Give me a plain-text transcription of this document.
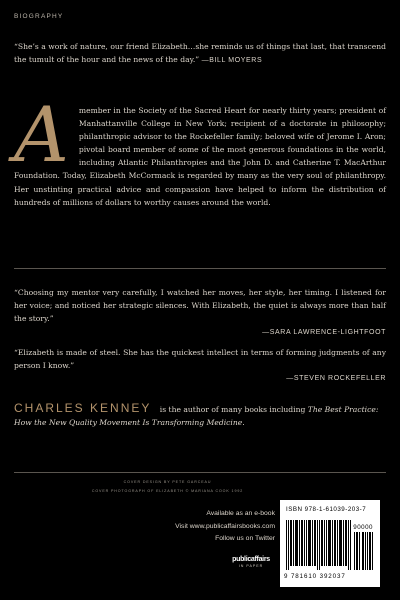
BIOGRAPHY
“She’s a work of nature, our friend Elizabeth…she reminds us of things that last, that transcend the tumult of the hour and the news of the day.” —BILL MOYERS
A member in the Society of the Sacred Heart for nearly thirty years; president of Manhattanville College in New York; recipient of a doctorate in philosophy; philanthropic advisor to the Rockefeller family; beloved wife of Jerome I. Aron; pivotal board member of some of the most generous foundations in the world, including Atlantic Philanthropies and the John D. and Catherine T. MacArthur Foundation. Today, Elizabeth McCormack is regarded by many as the very soul of philanthropy. Her unstinting practical advice and compassion have helped to inform the distribution of hundreds of millions of dollars to worthy causes around the world.
“Choosing my mentor very carefully, I watched her moves, her style, her timing. I listened for her voice; and noticed her strategic silences. With Elizabeth, the quiet is always more than half the story.”
—SARA LAWRENCE-LIGHTFOOT
“Elizabeth is made of steel. She has the quickest intellect in terms of forming judgments of any person I know.”
—STEVEN ROCKEFELLER
CHARLES KENNEY is the author of many books including The Best Practice: How the New Quality Movement Is Transforming Medicine.
COVER DESIGN BY PETE GARCEAU
COVER PHOTOGRAPH OF ELIZABETH © MARIANA COOK 1992
Available as an e-book
Visit www.publicaffairsbooks.com
Follow us on Twitter
publicaffairs
IN PAPER
ISBN 978-1-61039-203-7
90000
9 781610 392037
